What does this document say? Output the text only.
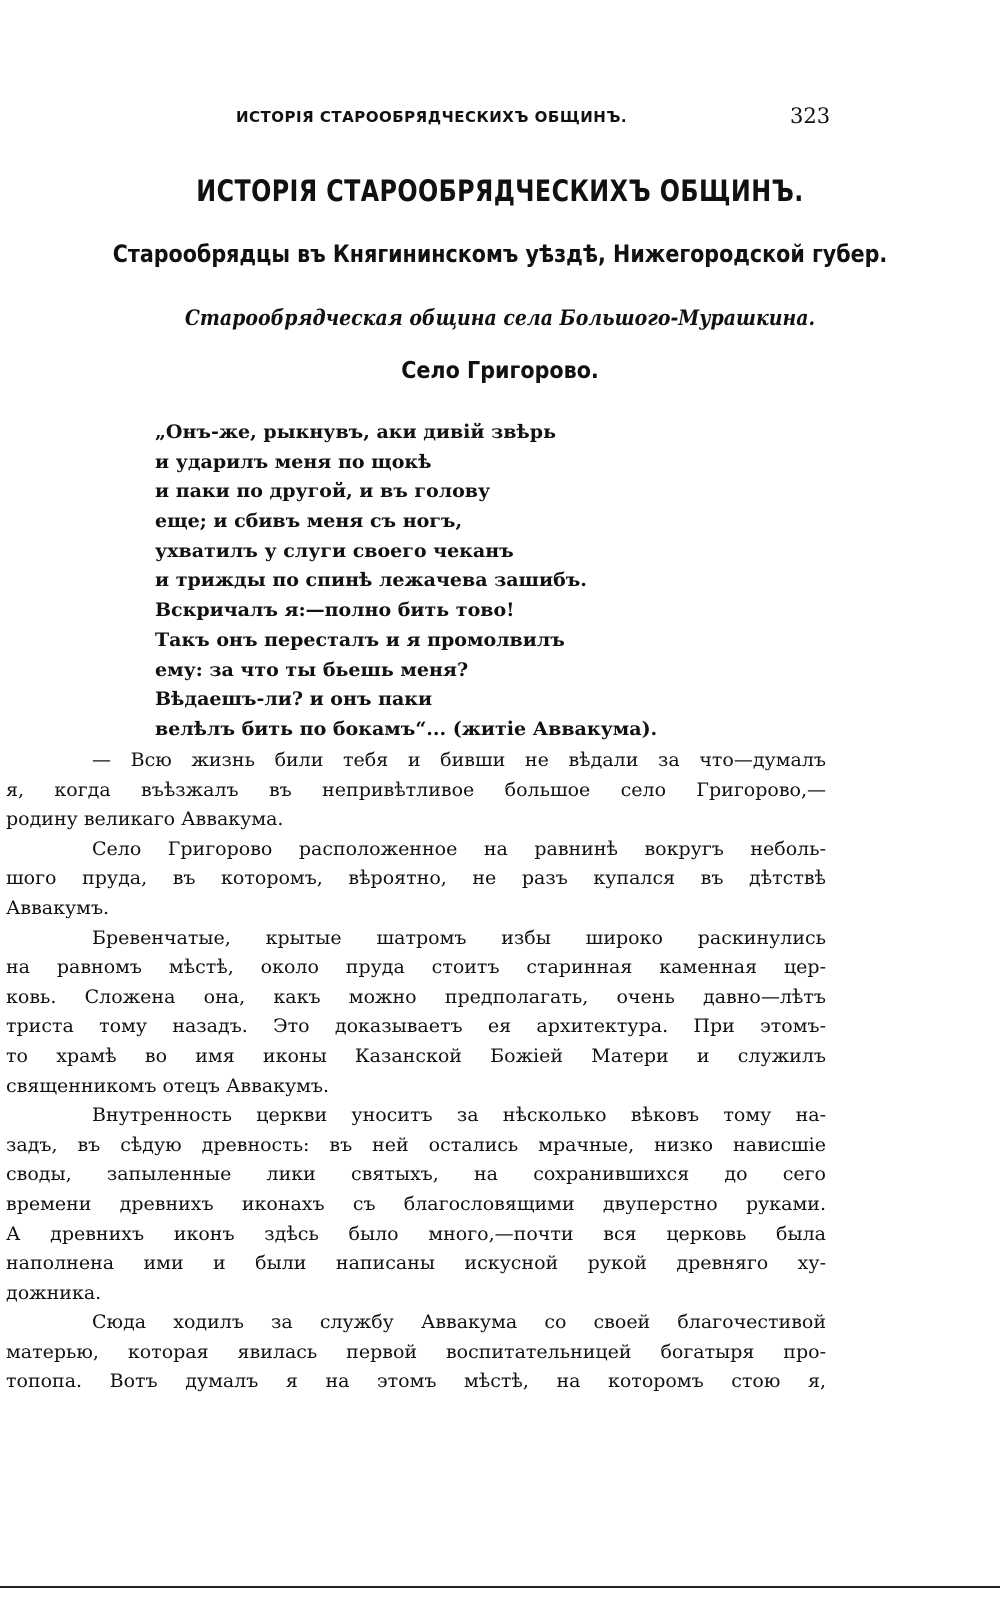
ИСТОРІЯ СТАРООБРЯДЧЕСКИХЪ ОБЩИНЪ.	323
ИСТОРІЯ СТАРООБРЯДЧЕСКИХЪ ОБЩИНЪ.
Старообрядцы въ Княгининскомъ уѣздѣ, Нижегородской губер.
Старообрядческая община села Большого-Мурашкина.
Село Григорово.
„Онъ-же, рыкнувъ, аки дивій звѣрь
и ударилъ меня по щокѣ
и паки по другой, и въ голову
еще; и сбивъ меня съ ногъ,
ухватилъ у слуги своего чеканъ
и трижды по спинѣ лежачева зашибъ.
Вскричалъ я:—полно бить тово!
Такъ онъ пересталъ и я промолвилъ
ему: за что ты бьешь меня?
Вѣдаешъ-ли? и онъ паки
велѣлъ бить по бокамъ“... (житіе Аввакума).
— Всю жизнь били тебя и бивши не вѣдали за что—думалъ
я, когда въѣзжалъ въ непривѣтливое большое село Григорово,—
родину великаго Аввакума.
Село Григорово расположенное на равнинѣ вокругъ неболь-
шого пруда, въ которомъ, вѣроятно, не разъ купался въ дѣтствѣ
Аввакумъ.
Бревенчатые, крытые шатромъ избы широко раскинулись
на равномъ мѣстѣ, около пруда стоитъ старинная каменная цер-
ковь. Сложена она, какъ можно предполагать, очень давно—лѣтъ
триста тому назадъ. Это доказываетъ ея архитектура. При этомъ-
то храмѣ во имя иконы Казанской Божіей Матери и служилъ
священникомъ отецъ Аввакумъ.
Внутренность церкви уноситъ за нѣсколько вѣковъ тому на-
задъ, въ сѣдую древность: въ ней остались мрачные, низко нависшіе
своды, запыленные лики святыхъ, на сохранившихся до сего
времени древнихъ иконахъ съ благословящими двуперстно руками.
А древнихъ иконъ здѣсь было много,—почти вся церковь была
наполнена ими и были написаны искусной рукой древняго ху-
дожника.
Сюда ходилъ за службу Аввакума со своей благочестивой
матерью, которая явилась первой воспитательницей богатыря про-
топопа. Вотъ думалъ я на этомъ мѣстѣ, на которомъ стою я,
